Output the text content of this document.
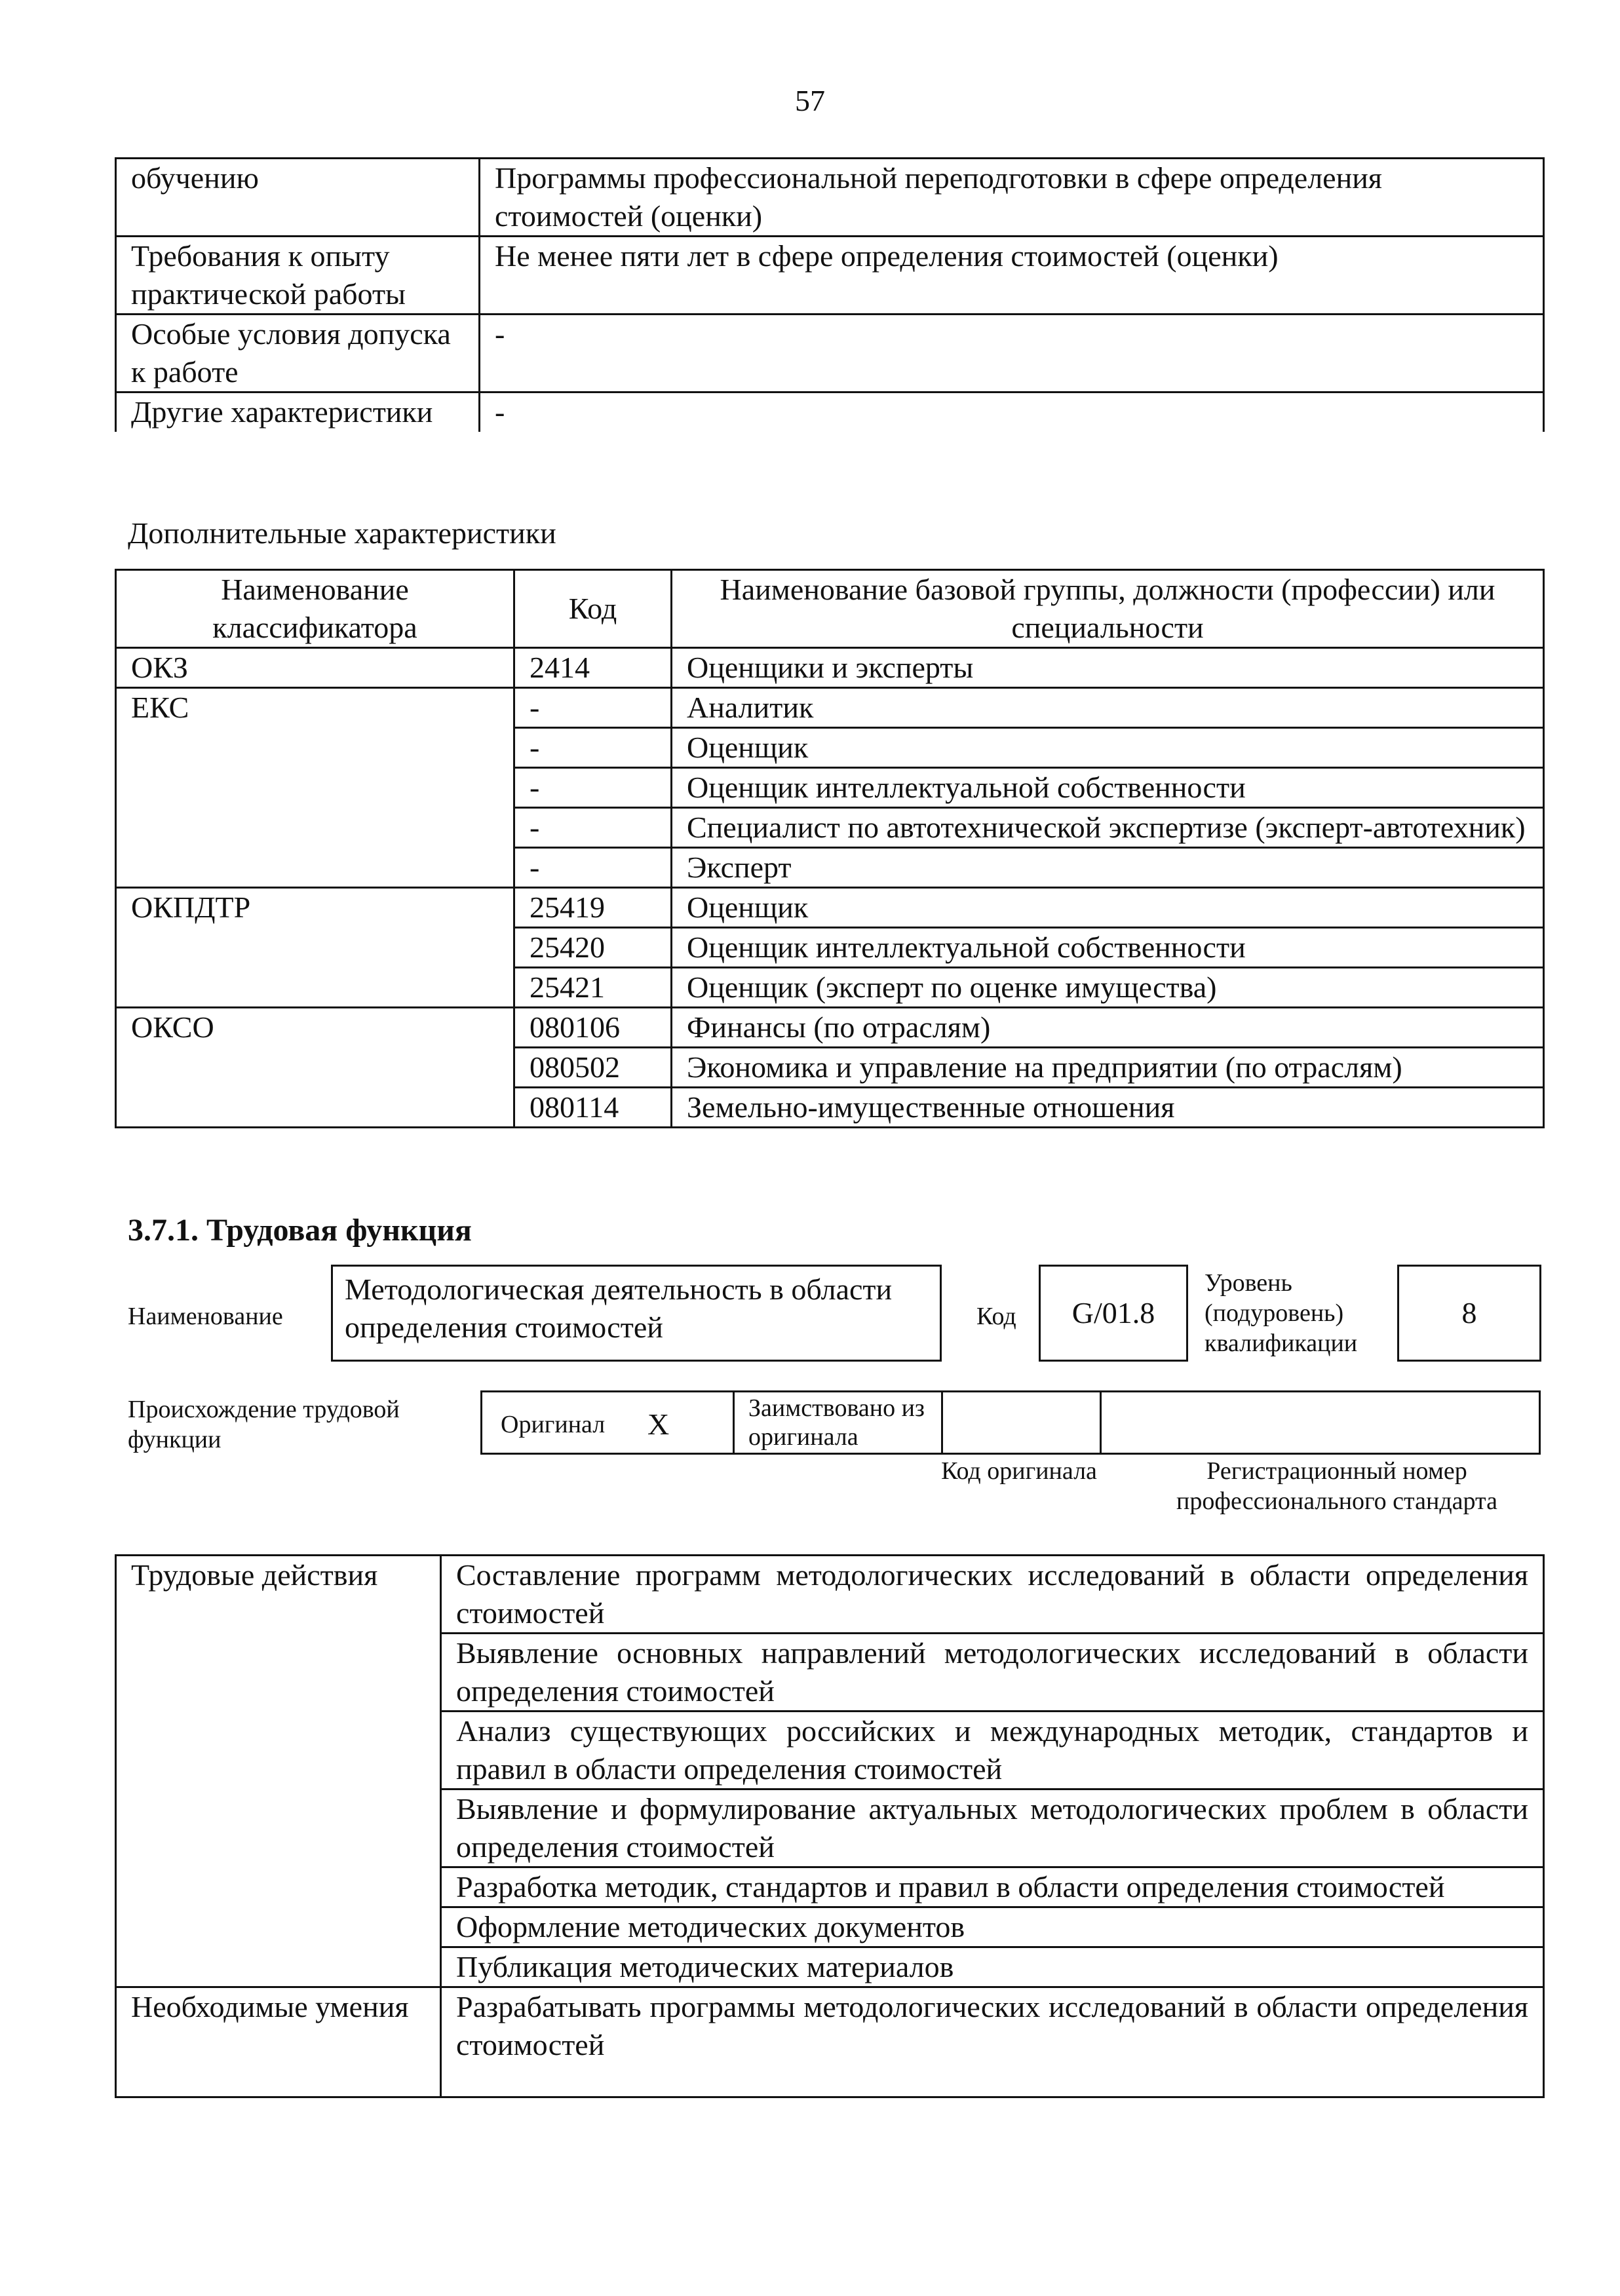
57
обучению	Программы профессиональной переподготовки в сфере определения стоимостей (оценки)
Требования к опыту практической работы	Не менее пяти лет в сфере определения стоимостей (оценки)
Особые условия допуска к работе	-
Другие характеристики	-
Дополнительные характеристики
Наименование классификатора	Код	Наименование базовой группы, должности (профессии) или специальности
ОКЗ	2414	Оценщики и эксперты
ЕКС	-	Аналитик
	-	Оценщик
	-	Оценщик интеллектуальной собственности
	-	Специалист по автотехнической экспертизе (эксперт-автотехник)
	-	Эксперт
ОКПДТР	25419	Оценщик
	25420	Оценщик интеллектуальной собственности
	25421	Оценщик (эксперт по оценке имущества)
ОКСО	080106	Финансы (по отраслям)
	080502	Экономика и управление на предприятии (по отраслям)
	080114	Земельно-имущественные отношения
3.7.1. Трудовая функция
Наименование
Методологическая деятельность в области определения стоимостей	Код	G/01.8
Уровень (подуровень) квалификации
8
Происхождение трудовой функции
Оригинал X	Заимствовано из оригинала
Код оригинала	Регистрационный номер профессионального стандарта
Трудовые действия	Составление программ методологических исследований в области определения стоимостей
	Выявление основных направлений методологических исследований в области определения стоимостей
	Анализ существующих российских и международных методик, стандартов и правил в области определения стоимостей
	Выявление и формулирование актуальных методологических проблем в области определения стоимостей
	Разработка методик, стандартов и правил в области определения стоимостей
	Оформление методических документов
	Публикация методических материалов
Необходимые умения	Разрабатывать программы методологических исследований в области определения стоимостей
